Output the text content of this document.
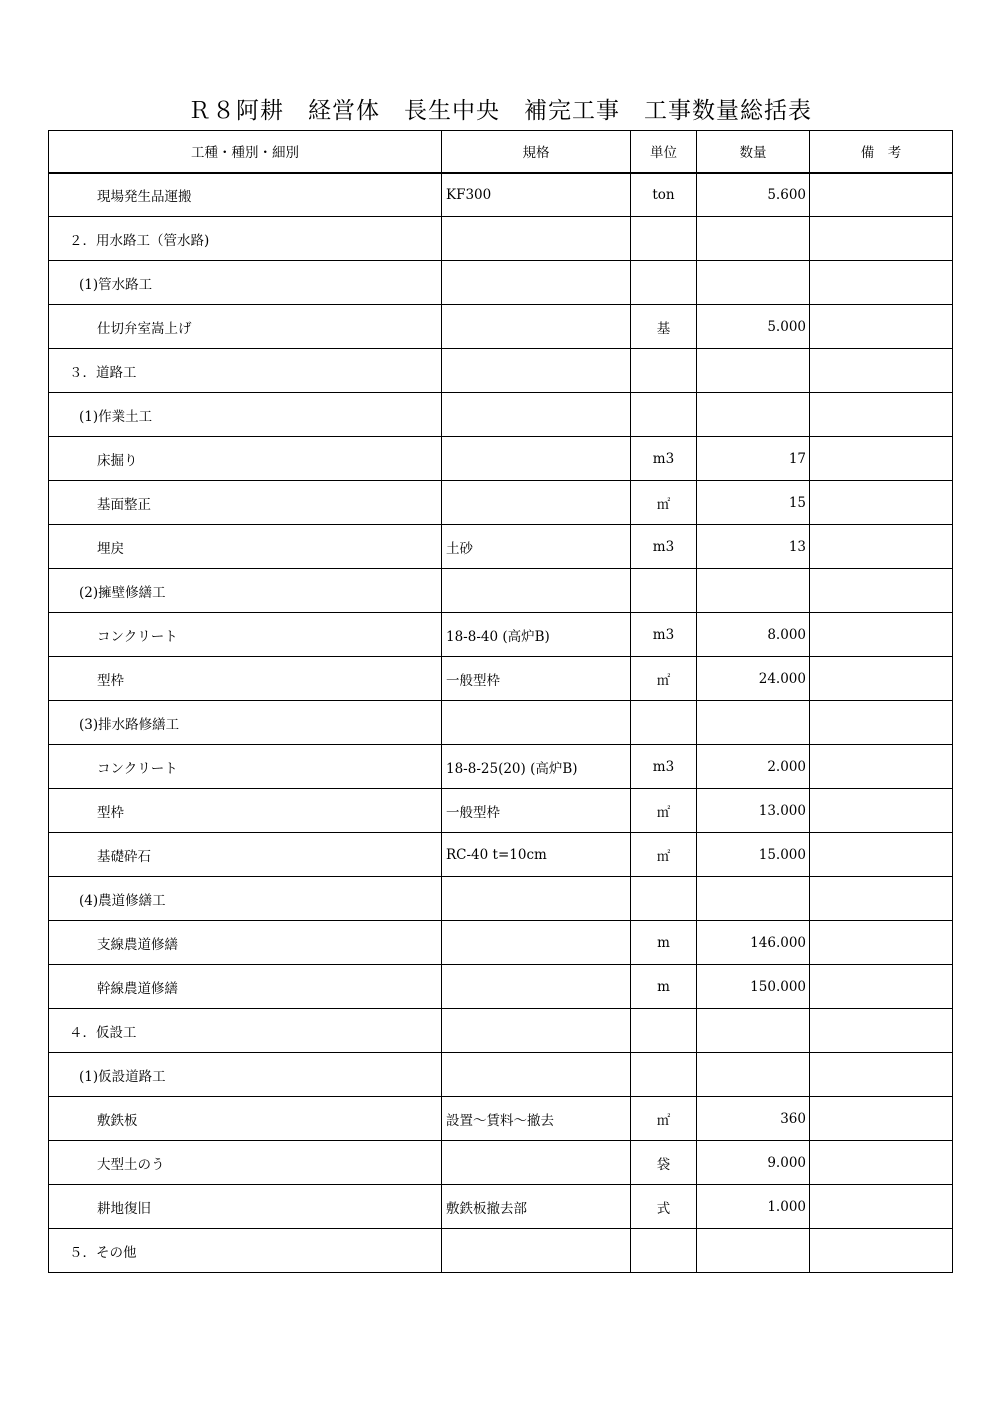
Ｒ８阿耕　経営体　長生中央　補完工事　工事数量総括表
工種・種別・細別	規格	単位	数量	備　考
現場発生品運搬	KF300	ton	5.600	
２．用水路工（管水路)				
(1)管水路工				
仕切弁室嵩上げ		基	5.000	
３．道路工				
(1)作業土工				
床掘り		m3	17	
基面整正		㎡	15	
埋戻	土砂	m3	13	
(2)擁壁修繕工				
コンクリート	18-8-40 (高炉B)	m3	8.000	
型枠	一般型枠	㎡	24.000	
(3)排水路修繕工				
コンクリート	18-8-25(20) (高炉B)	m3	2.000	
型枠	一般型枠	㎡	13.000	
基礎砕石	RC-40 t=10cm	㎡	15.000	
(4)農道修繕工				
支線農道修繕		m	146.000	
幹線農道修繕		m	150.000	
４．仮設工				
(1)仮設道路工				
敷鉄板	設置～賃料～撤去	㎡	360	
大型土のう		袋	9.000	
耕地復旧	敷鉄板撤去部	式	1.000	
５．その他				
